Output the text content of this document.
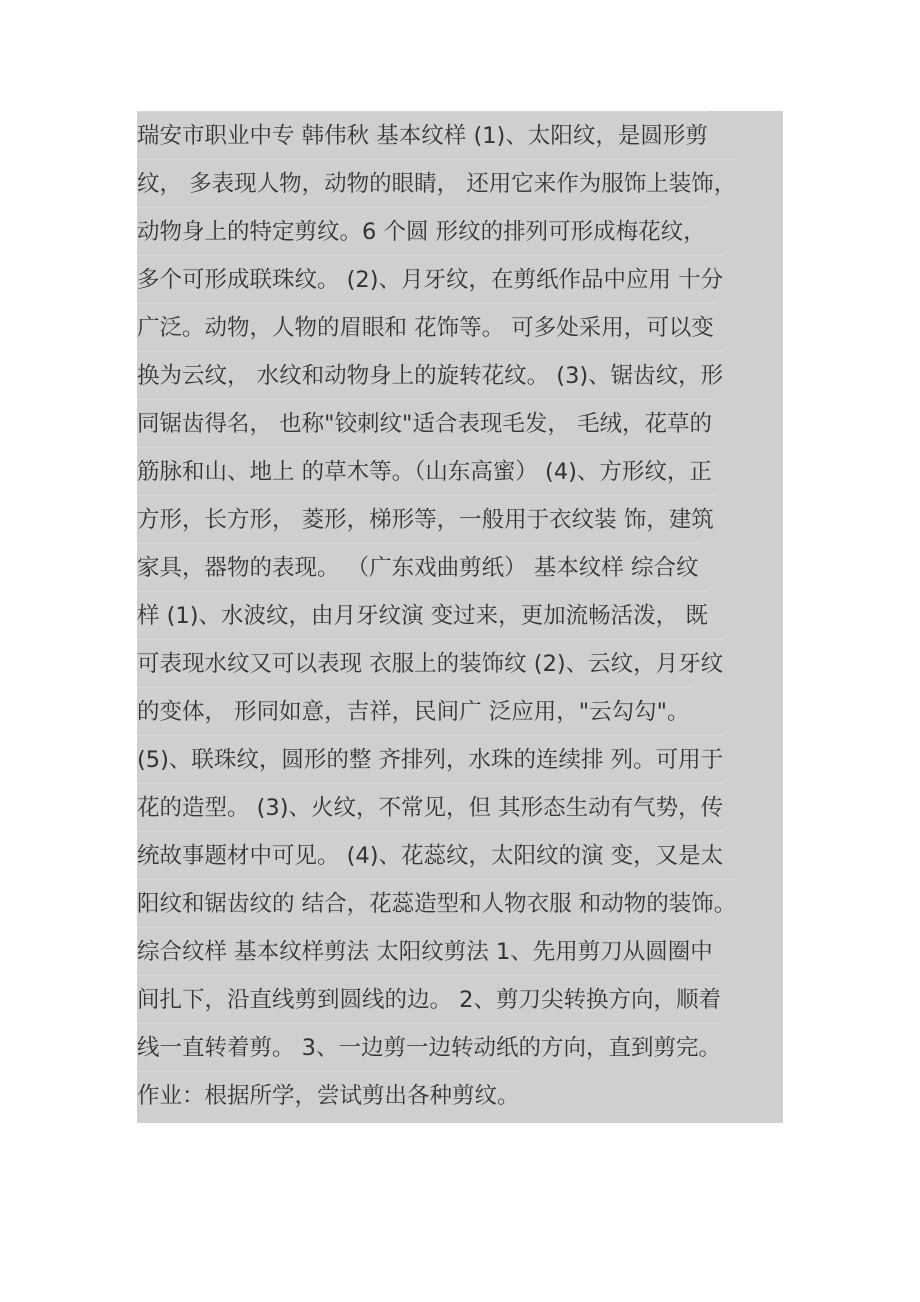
瑞安市职业中专 韩伟秋 基本纹样 (1)、太阳纹，是圆形剪
纹， 多表现人物，动物的眼睛， 还用它来作为服饰上装饰，
动物身上的特定剪纹。6 个圆 形纹的排列可形成梅花纹，
多个可形成联珠纹。 (2)、月牙纹，在剪纸作品中应用 十分
广泛。动物，人物的眉眼和 花饰等。 可多处采用，可以变
换为云纹， 水纹和动物身上的旋转花纹。 (3)、锯齿纹，形
同锯齿得名， 也称"铰刺纹"适合表现毛发， 毛绒，花草的
筋脉和山、地上 的草木等。（山东高蜜） (4)、方形纹，正
方形，长方形， 菱形，梯形等，一般用于衣纹装 饰，建筑
家具，器物的表现。 （广东戏曲剪纸） 基本纹样 综合纹
样 (1)、水波纹，由月牙纹演 变过来，更加流畅活泼， 既
可表现水纹又可以表现 衣服上的装饰纹 (2)、云纹，月牙纹
的变体， 形同如意，吉祥，民间广 泛应用，"云勾勾"。
(5)、联珠纹，圆形的整 齐排列，水珠的连续排 列。可用于
花的造型。 (3)、火纹，不常见，但 其形态生动有气势，传
统故事题材中可见。 (4)、花蕊纹，太阳纹的演 变，又是太
阳纹和锯齿纹的 结合，花蕊造型和人物衣服 和动物的装饰。
综合纹样 基本纹样剪法 太阳纹剪法 1、先用剪刀从圆圈中
间扎下，沿直线剪到圆线的边。 2、剪刀尖转换方向，顺着
线一直转着剪。 3、一边剪一边转动纸的方向，直到剪完。
作业：根据所学，尝试剪出各种剪纹。
